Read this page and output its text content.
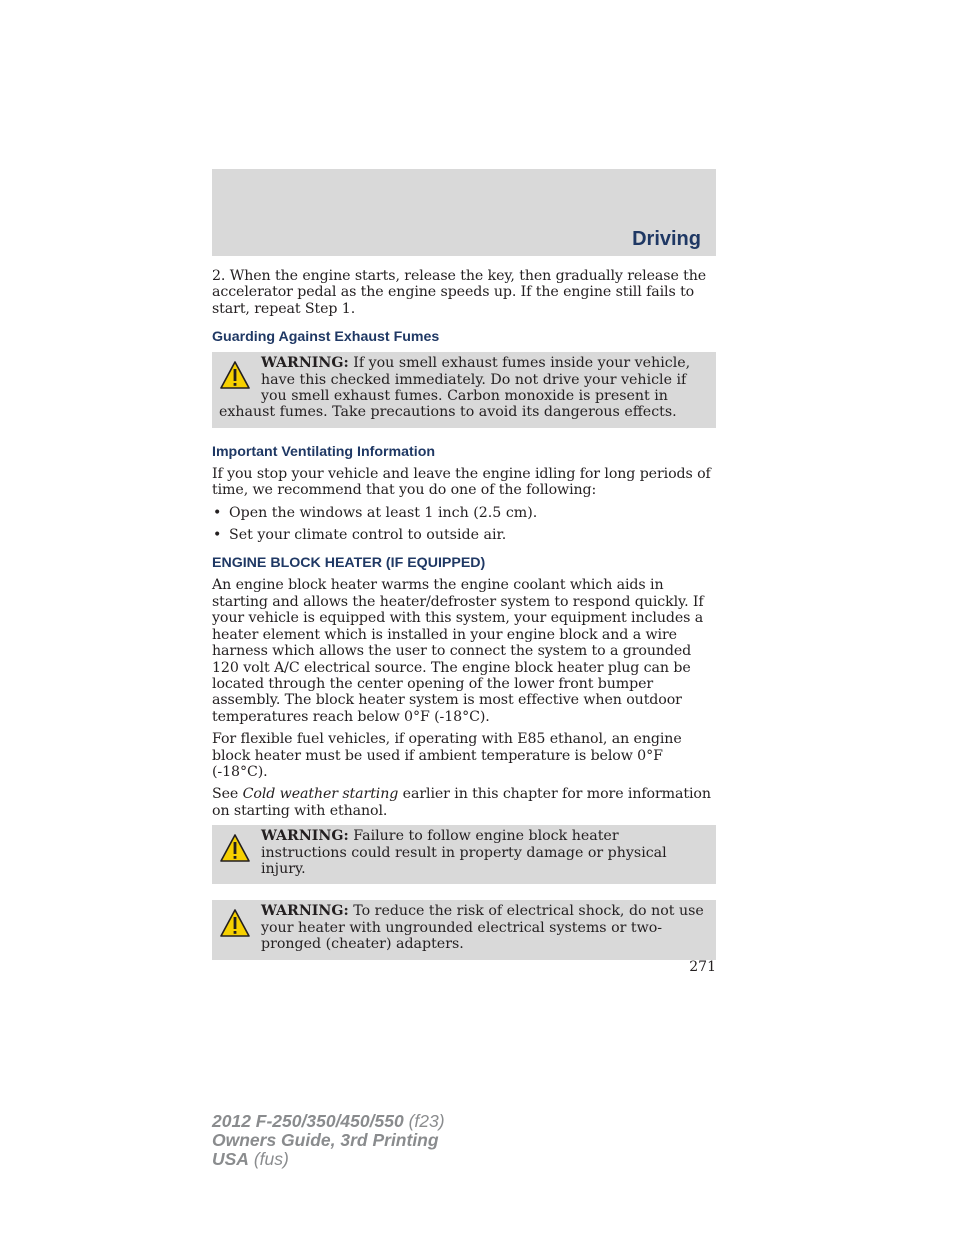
Driving

2. When the engine starts, release the key, then gradually release the accelerator pedal as the engine speeds up. If the engine still fails to start, repeat Step 1.

Guarding Against Exhaust Fumes
WARNING: If you smell exhaust fumes inside your vehicle, have this checked immediately. Do not drive your vehicle if you smell exhaust fumes. Carbon monoxide is present in exhaust fumes. Take precautions to avoid its dangerous effects.
Important Ventilating Information

If you stop your vehicle and leave the engine idling for long periods of time, we recommend that you do one of the following:

• Open the windows at least 1 inch (2.5 cm).
• Set your climate control to outside air.
ENGINE BLOCK HEATER (IF EQUIPPED)

An engine block heater warms the engine coolant which aids in starting and allows the heater/defroster system to respond quickly. If your vehicle is equipped with this system, your equipment includes a heater element which is installed in your engine block and a wire harness which allows the user to connect the system to a grounded 120 volt A/C electrical source. The engine block heater plug can be located through the center opening of the lower front bumper assembly. The block heater system is most effective when outdoor temperatures reach below 0°F (-18°C).

For flexible fuel vehicles, if operating with E85 ethanol, an engine block heater must be used if ambient temperature is below 0°F (-18°C).

See Cold weather starting earlier in this chapter for more information on starting with ethanol.

WARNING: Failure to follow engine block heater instructions could result in property damage or physical injury.
WARNING: To reduce the risk of electrical shock, do not use your heater with ungrounded electrical systems or two-pronged (cheater) adapters.
271
2012 F-250/350/450/550 (f23)
Owners Guide, 3rd Printing
USA (fus)
